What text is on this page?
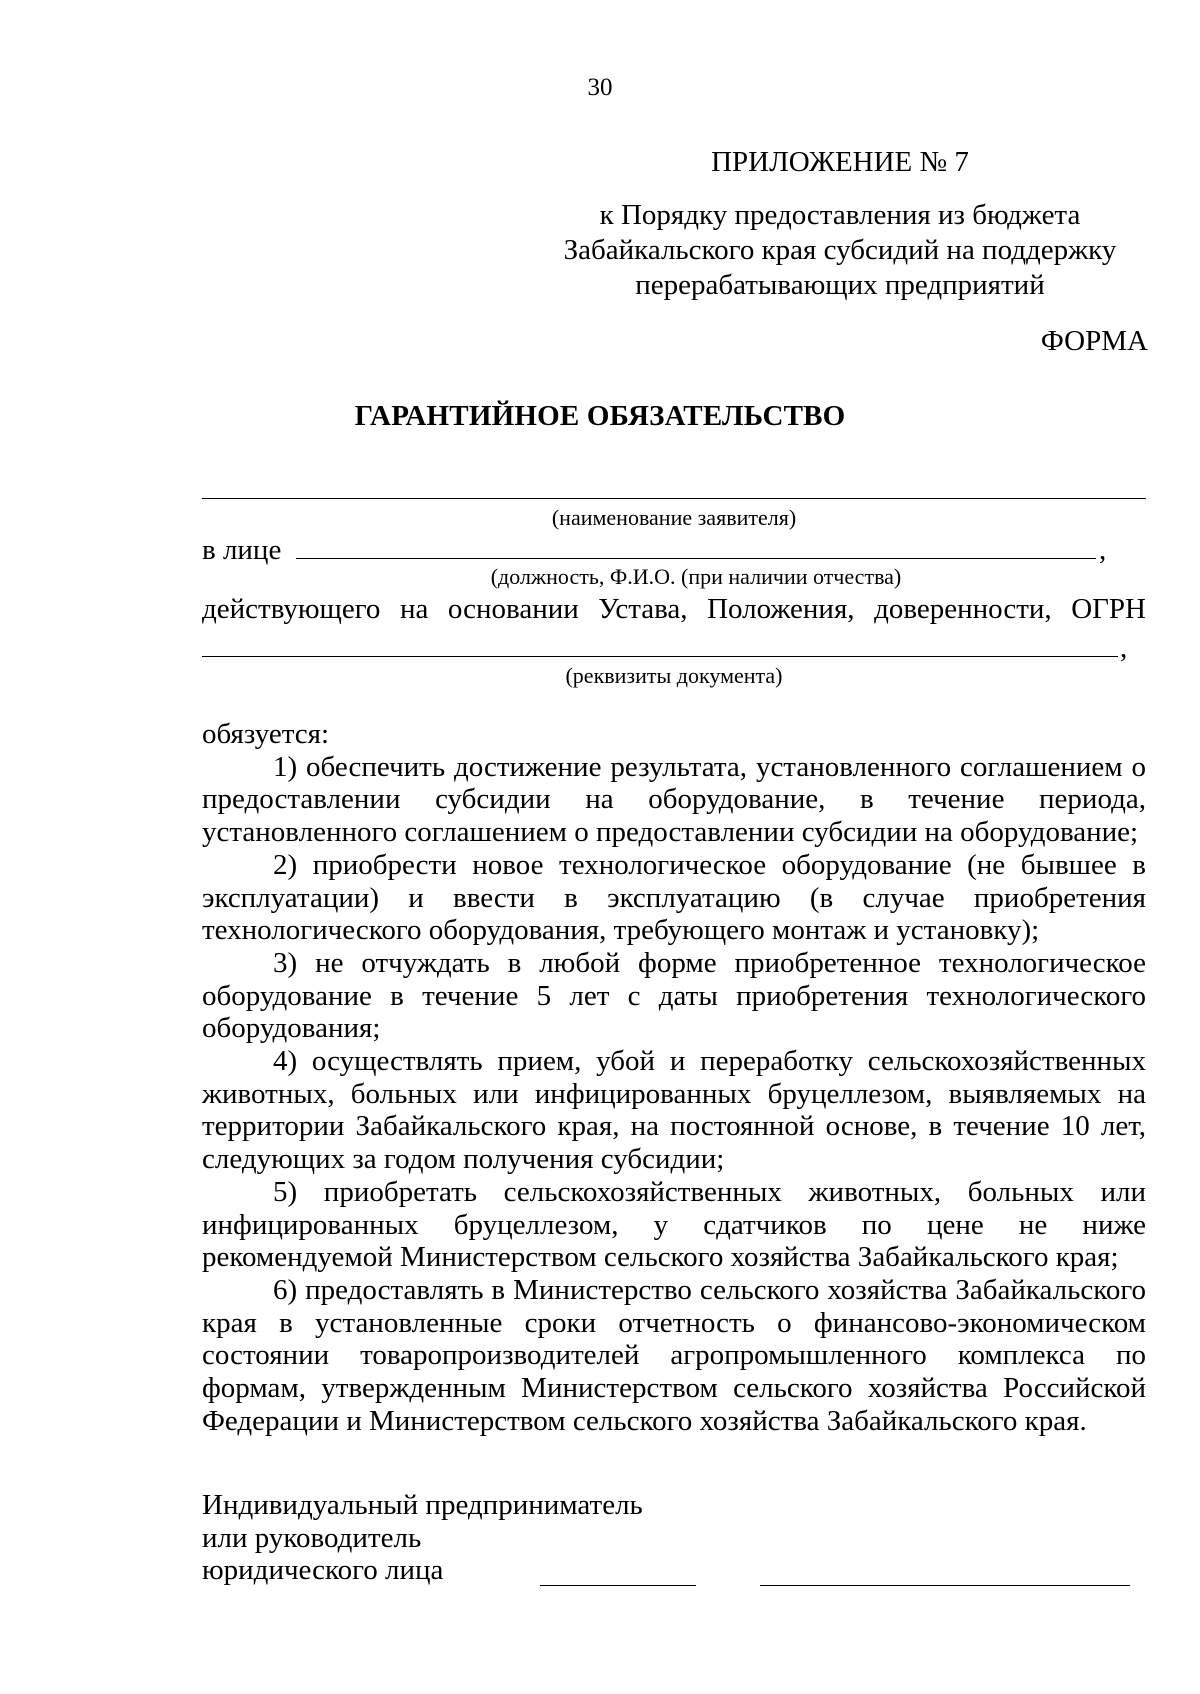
30
ПРИЛОЖЕНИЕ № 7
к Порядку предоставления из бюджета
Забайкальского края субсидий на поддержку
перерабатывающих предприятий
ФОРМА
ГАРАНТИЙНОЕ ОБЯЗАТЕЛЬСТВО
(наименование заявителя)
в лице	,
(должность, Ф.И.О. (при наличии отчества)
действующего на основании Устава, Положения, доверенности, ОГРН
,
(реквизиты документа)

обязуется:

1) обеспечить достижение результата, установленного соглашением о предоставлении субсидии на оборудование, в течение периода, установленного соглашением о предоставлении субсидии на оборудование;

2) приобрести новое технологическое оборудование (не бывшее в эксплуатации) и ввести в эксплуатацию (в случае приобретения технологического оборудования, требующего монтаж и установку);

3) не отчуждать в любой форме приобретенное технологическое оборудование в течение 5 лет с даты приобретения технологического оборудования;

4) осуществлять прием, убой и переработку сельскохозяйственных животных, больных или инфицированных бруцеллезом, выявляемых на территории Забайкальского края, на постоянной основе, в течение 10 лет, следующих за годом получения субсидии;

5) приобретать сельскохозяйственных животных, больных или инфицированных бруцеллезом, у сдатчиков по цене не ниже рекомендуемой Министерством сельского хозяйства Забайкальского края;

6) предоставлять в Министерство сельского хозяйства Забайкальского края в установленные сроки отчетность о финансово-экономическом состоянии товаропроизводителей агропромышленного комплекса по формам, утвержденным Министерством сельского хозяйства Российской Федерации и Министерством сельского хозяйства Забайкальского края.

Индивидуальный предприниматель
или руководитель
юридического лица
